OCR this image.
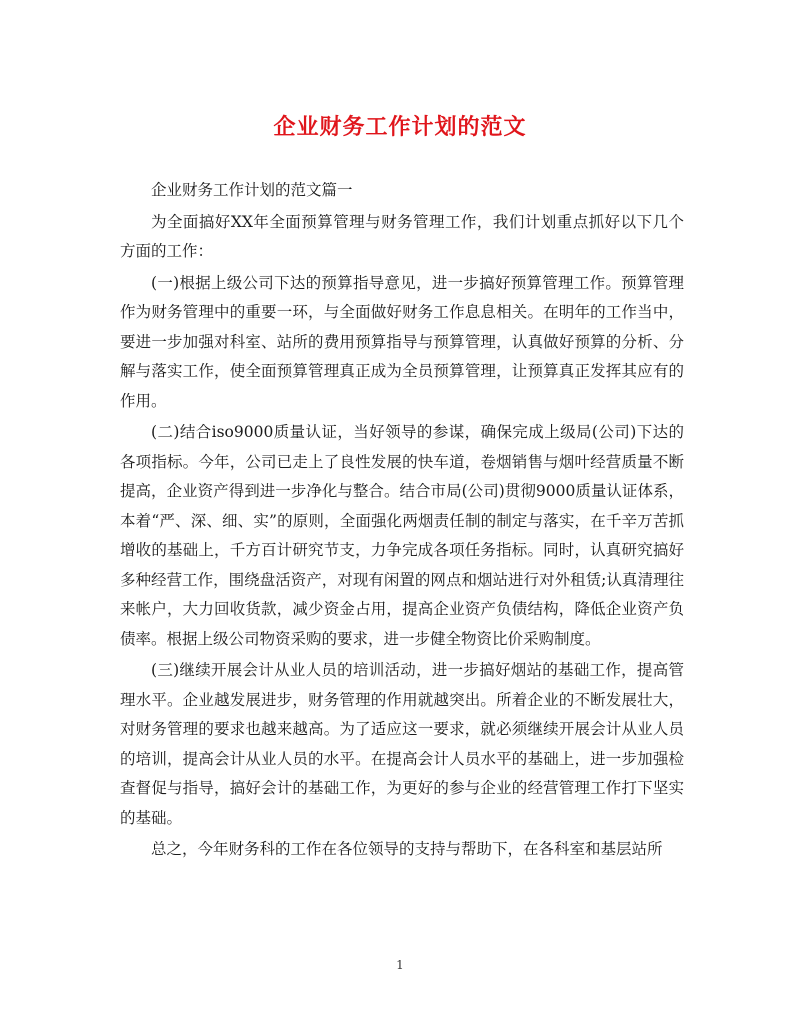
企业财务工作计划的范文

企业财务工作计划的范文篇一

为全面搞好XX年全面预算管理与财务管理工作，我们计划重点抓好以下几个方面的工作：

(一)根据上级公司下达的预算指导意见，进一步搞好预算管理工作。预算管理作为财务管理中的重要一环，与全面做好财务工作息息相关。在明年的工作当中，要进一步加强对科室、站所的费用预算指导与预算管理，认真做好预算的分析、分解与落实工作，使全面预算管理真正成为全员预算管理，让预算真正发挥其应有的作用。

(二)结合iso9000质量认证，当好领导的参谋，确保完成上级局(公司)下达的各项指标。今年，公司已走上了良性发展的快车道，卷烟销售与烟叶经营质量不断提高，企业资产得到进一步净化与整合。结合市局(公司)贯彻9000质量认证体系，本着“严、深、细、实”的原则，全面强化两烟责任制的制定与落实，在千辛万苦抓增收的基础上，千方百计研究节支，力争完成各项任务指标。同时，认真研究搞好多种经营工作，围绕盘活资产，对现有闲置的网点和烟站进行对外租赁;认真清理往来帐户，大力回收货款，减少资金占用，提高企业资产负债结构，降低企业资产负债率。根据上级公司物资采购的要求，进一步健全物资比价采购制度。

(三)继续开展会计从业人员的培训活动，进一步搞好烟站的基础工作，提高管理水平。企业越发展进步，财务管理的作用就越突出。所着企业的不断发展壮大，对财务管理的要求也越来越高。为了适应这一要求，就必须继续开展会计从业人员的培训，提高会计从业人员的水平。在提高会计人员水平的基础上，进一步加强检查督促与指导，搞好会计的基础工作，为更好的参与企业的经营管理工作打下坚实的基础。

总之，今年财务科的工作在各位领导的支持与帮助下，在各科室和基层站所

1
